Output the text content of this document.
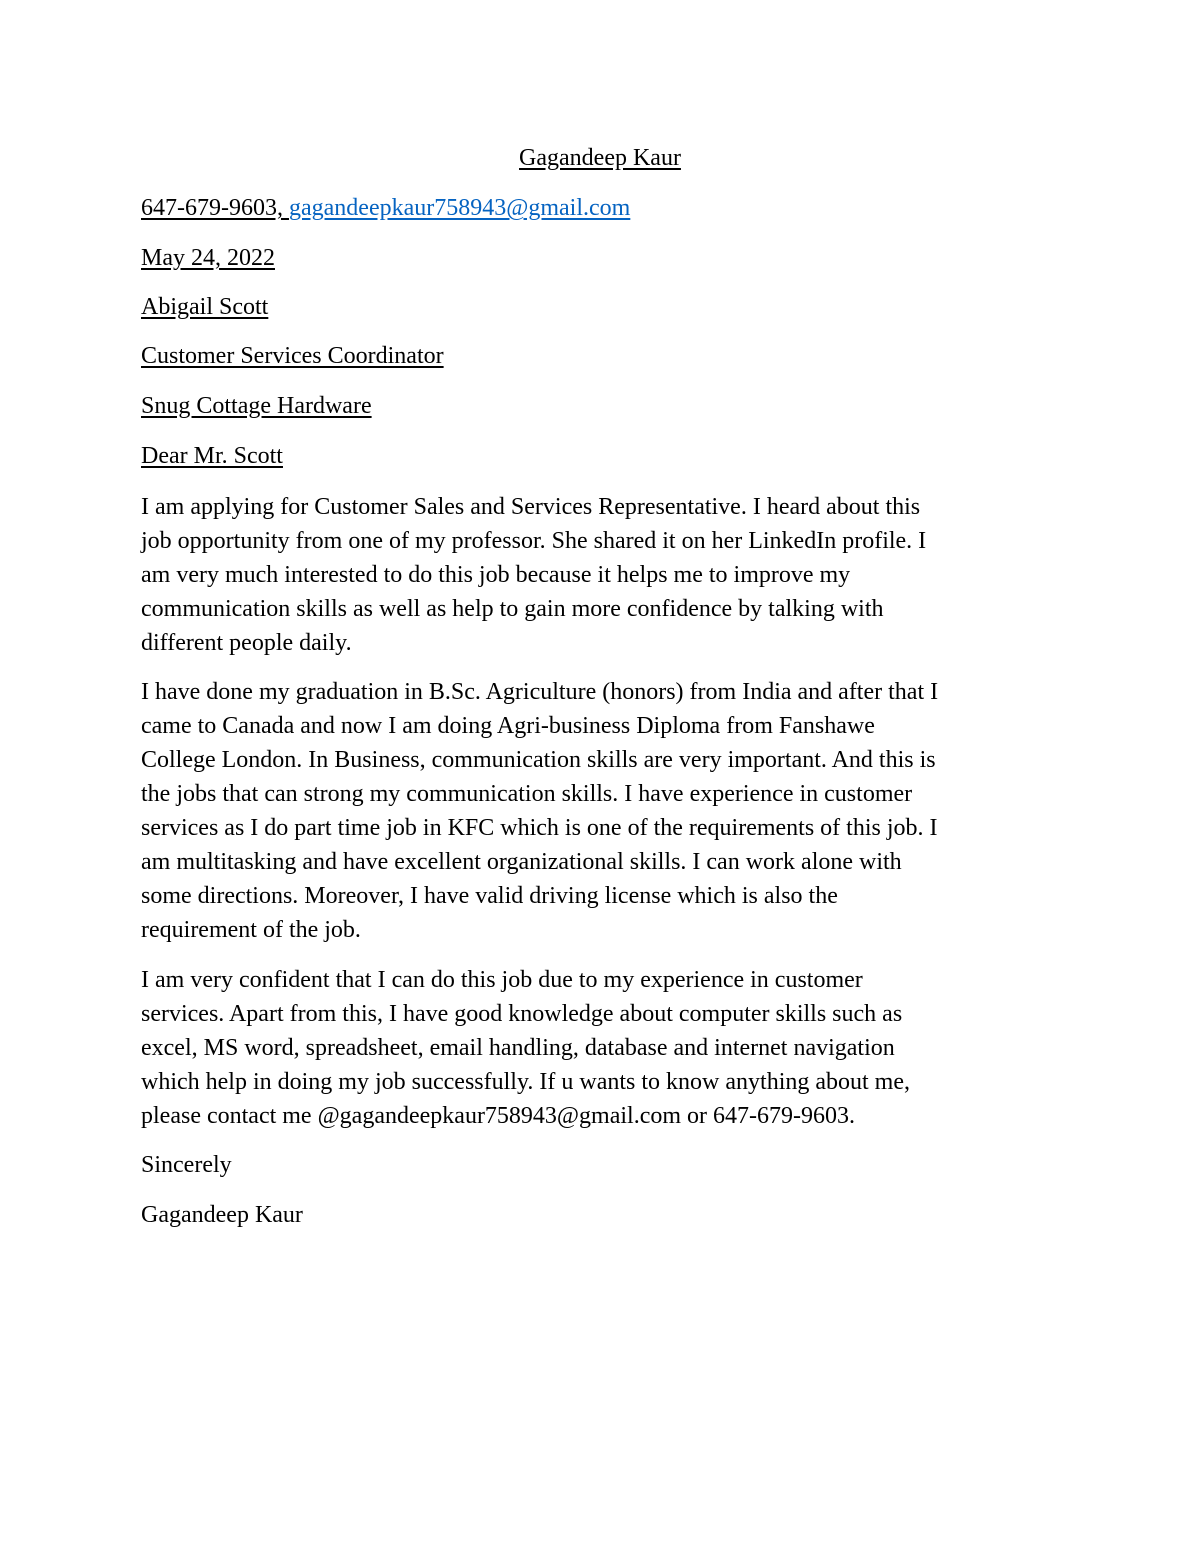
Gagandeep Kaur
647-679-9603, gagandeepkaur758943@gmail.com
May 24, 2022
Abigail Scott
Customer Services Coordinator
Snug Cottage Hardware
Dear Mr. Scott
I am applying for Customer Sales and Services Representative. I heard about this
job opportunity from one of my professor. She shared it on her LinkedIn profile. I
am very much interested to do this job because it helps me to improve my
communication skills as well as help to gain more confidence by talking with
different people daily.
I have done my graduation in B.Sc. Agriculture (honors) from India and after that I
came to Canada and now I am doing Agri-business Diploma from Fanshawe
College London. In Business, communication skills are very important. And this is
the jobs that can strong my communication skills. I have experience in customer
services as I do part time job in KFC which is one of the requirements of this job. I
am multitasking and have excellent organizational skills. I can work alone with
some directions. Moreover, I have valid driving license which is also the
requirement of the job.
I am very confident that I can do this job due to my experience in customer
services. Apart from this, I have good knowledge about computer skills such as
excel, MS word, spreadsheet, email handling, database and internet navigation
which help in doing my job successfully. If u wants to know anything about me,
please contact me @gagandeepkaur758943@gmail.com or 647-679-9603.
Sincerely
Gagandeep Kaur
